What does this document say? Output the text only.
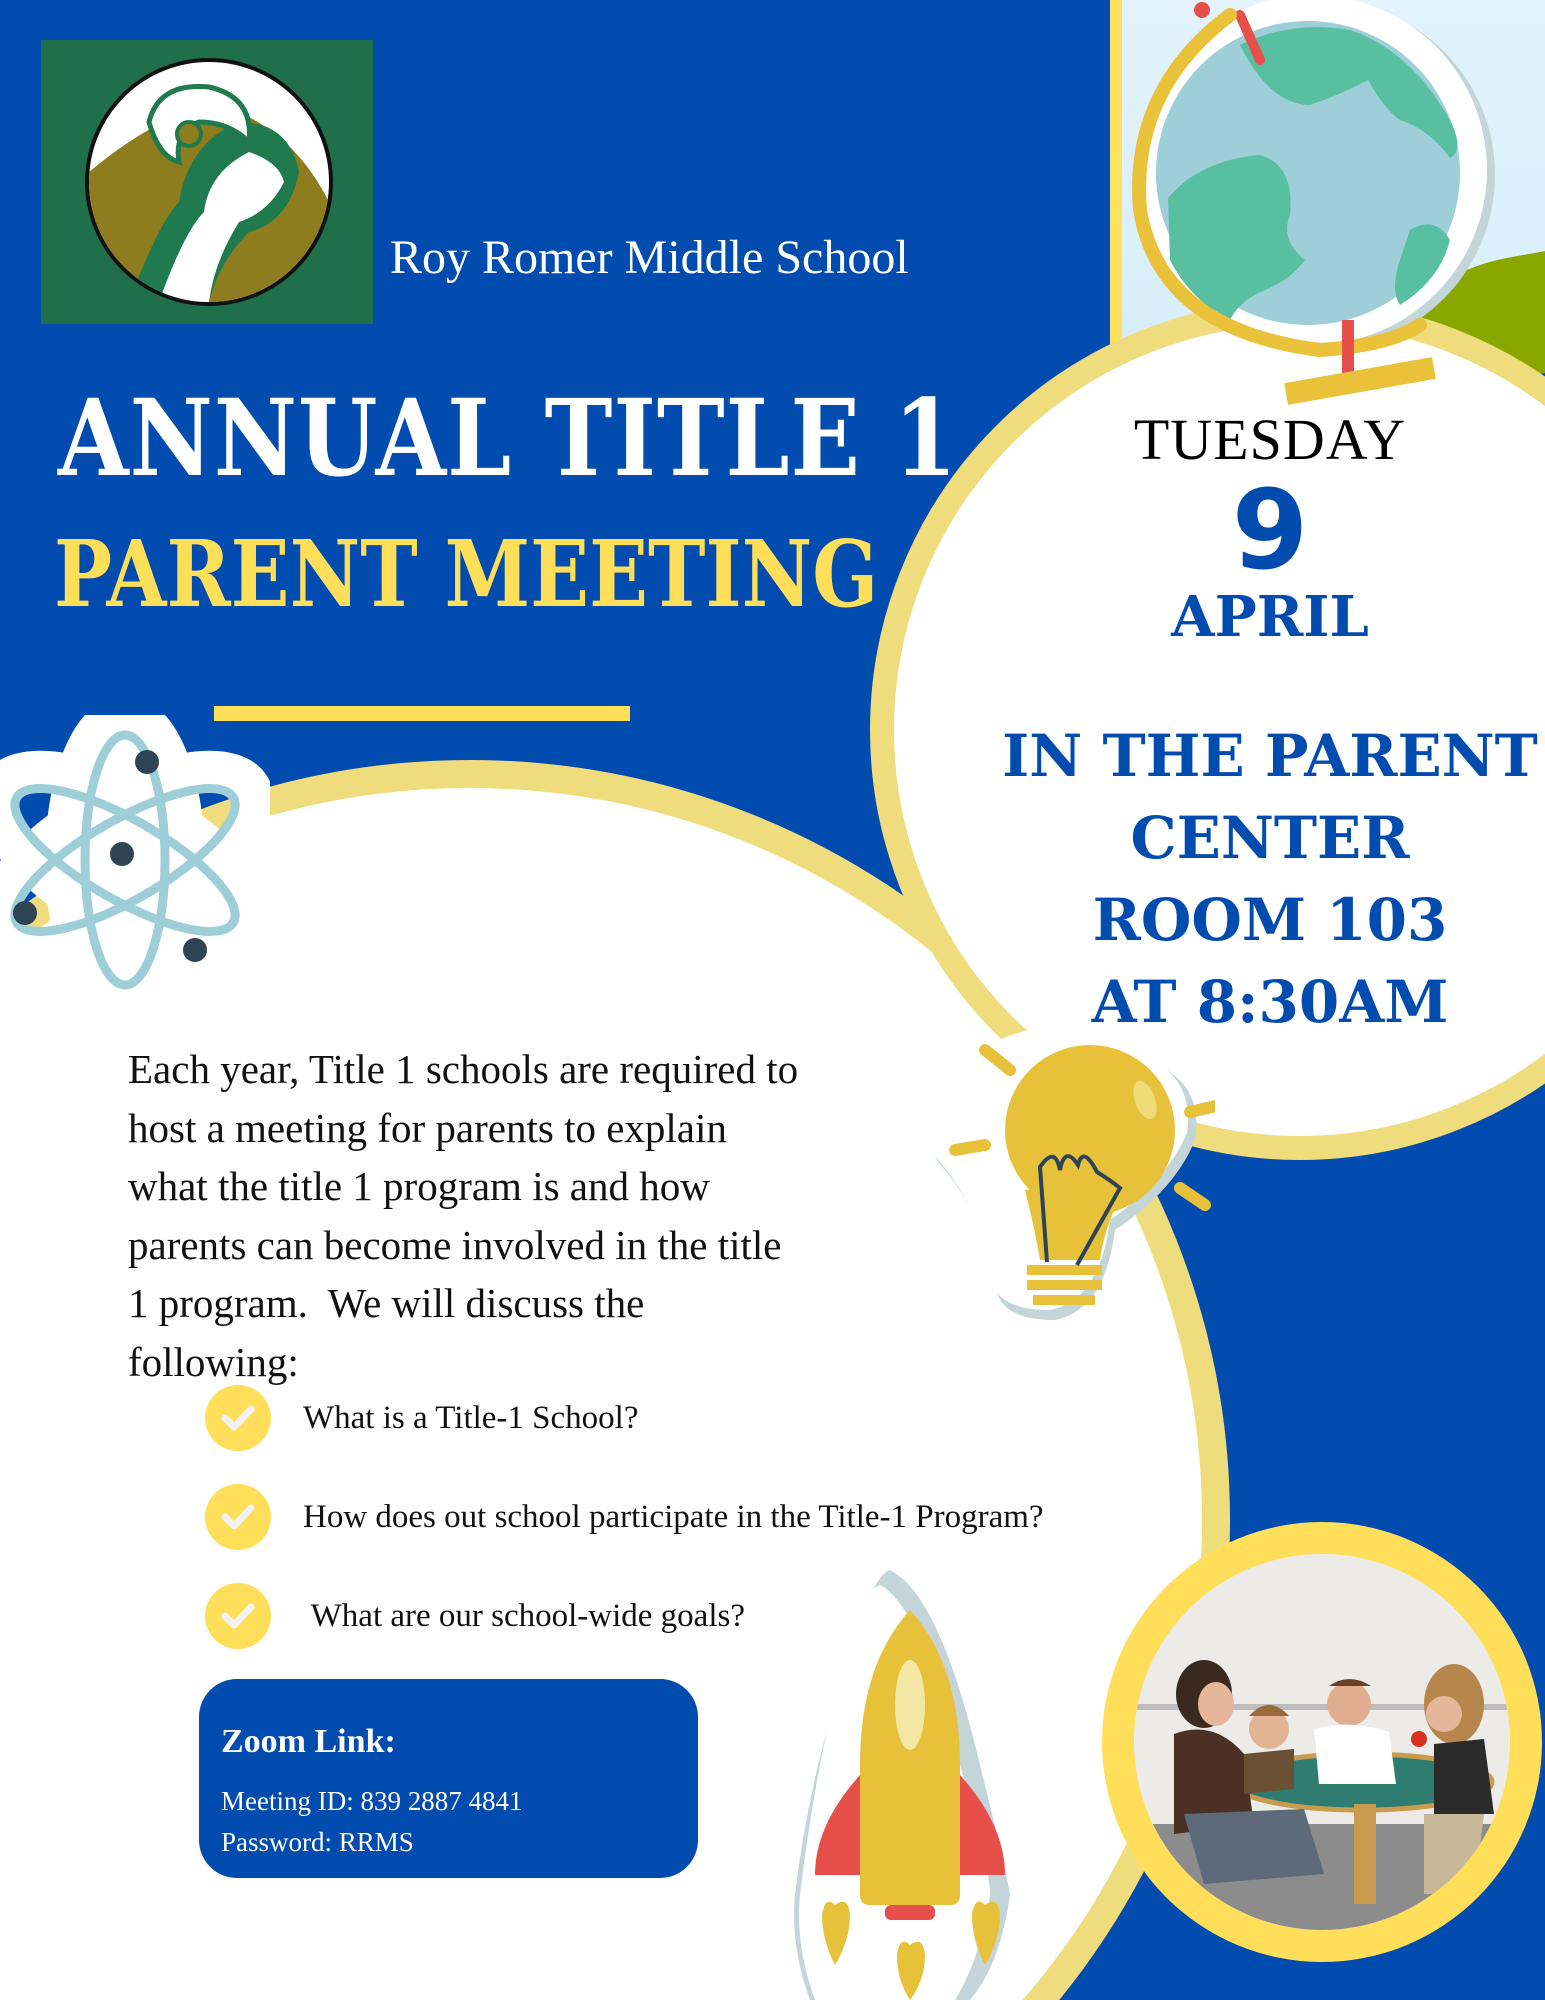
Roy Romer Middle School
ANNUAL TITLE 1
PARENT MEETING
TUESDAY
9
APRIL
IN THE PARENT
CENTER
ROOM 103
AT 8:30AM
Each year, Title 1 schools are required to
host a meeting for parents to explain
what the title 1 program is and how
parents can become involved in the title
1 program.  We will discuss the
following:
What is a Title-1 School?
How does out school participate in the Title-1 Program?
What are our school-wide goals?
Zoom Link:
Meeting ID: 839 2887 4841
Password: RRMS
